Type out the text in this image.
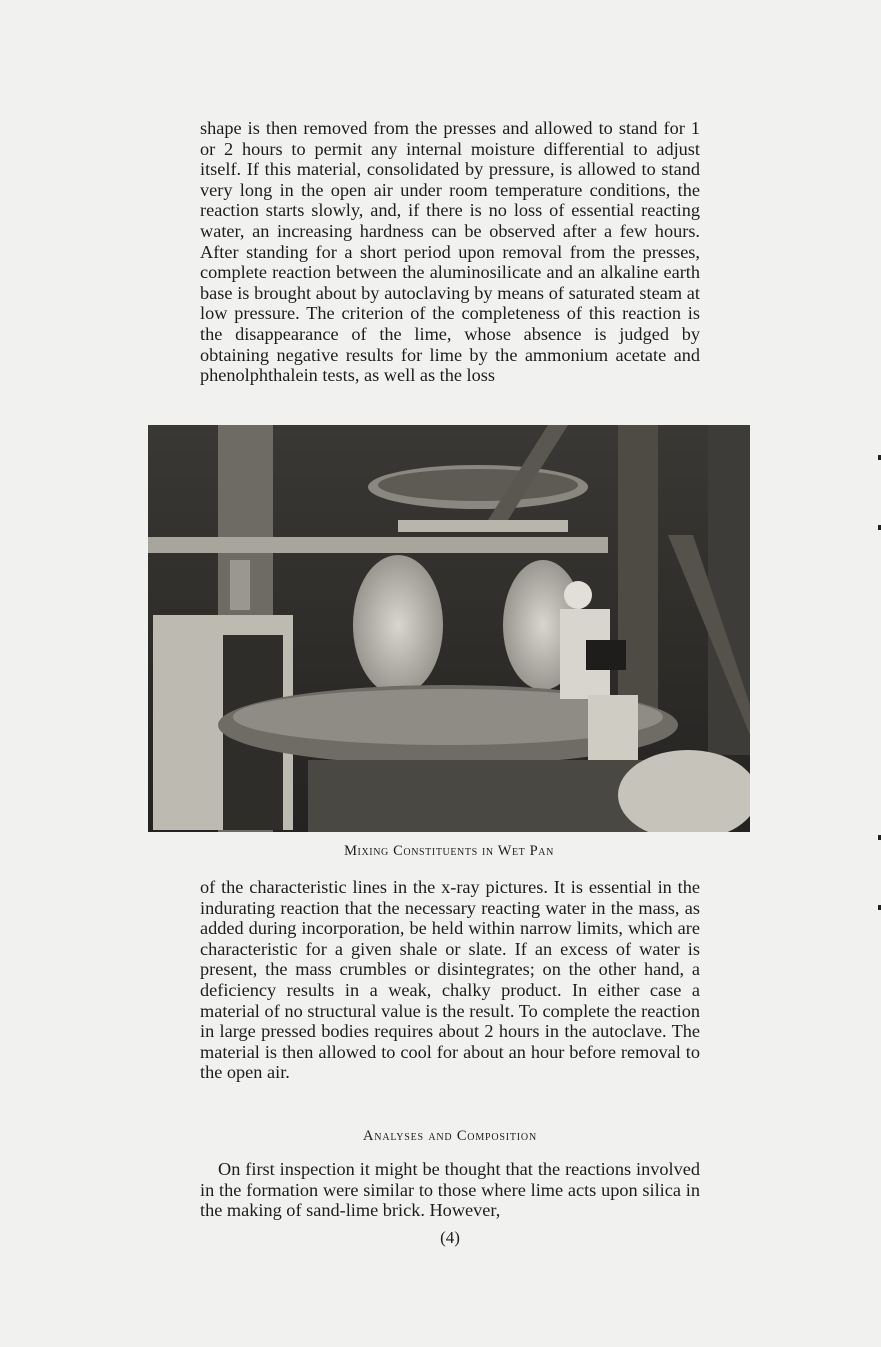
shape is then removed from the presses and allowed to stand for 1 or 2 hours to permit any internal moisture differential to adjust itself. If this material, consolidated by pressure, is allowed to stand very long in the open air under room temperature conditions, the reaction starts slowly, and, if there is no loss of essential reacting water, an increasing hardness can be observed after a few hours. After standing for a short period upon removal from the presses, complete reaction between the aluminosilicate and an alkaline earth base is brought about by autoclaving by means of saturated steam at low pressure. The criterion of the completeness of this reaction is the disappearance of the lime, whose absence is judged by obtaining negative results for lime by the ammonium acetate and phenolphthalein tests, as well as the loss

Mixing Constituents in Wet Pan

of the characteristic lines in the x-ray pictures. It is essential in the indurating reaction that the necessary reacting water in the mass, as added during incorporation, be held within narrow limits, which are characteristic for a given shale or slate. If an excess of water is present, the mass crumbles or disintegrates; on the other hand, a deficiency results in a weak, chalky product. In either case a material of no structural value is the result. To complete the reaction in large pressed bodies requires about 2 hours in the autoclave. The material is then allowed to cool for about an hour before removal to the open air.

Analyses and Composition

On first inspection it might be thought that the reactions involved in the formation were similar to those where lime acts upon silica in the making of sand-lime brick. However,

(4)
